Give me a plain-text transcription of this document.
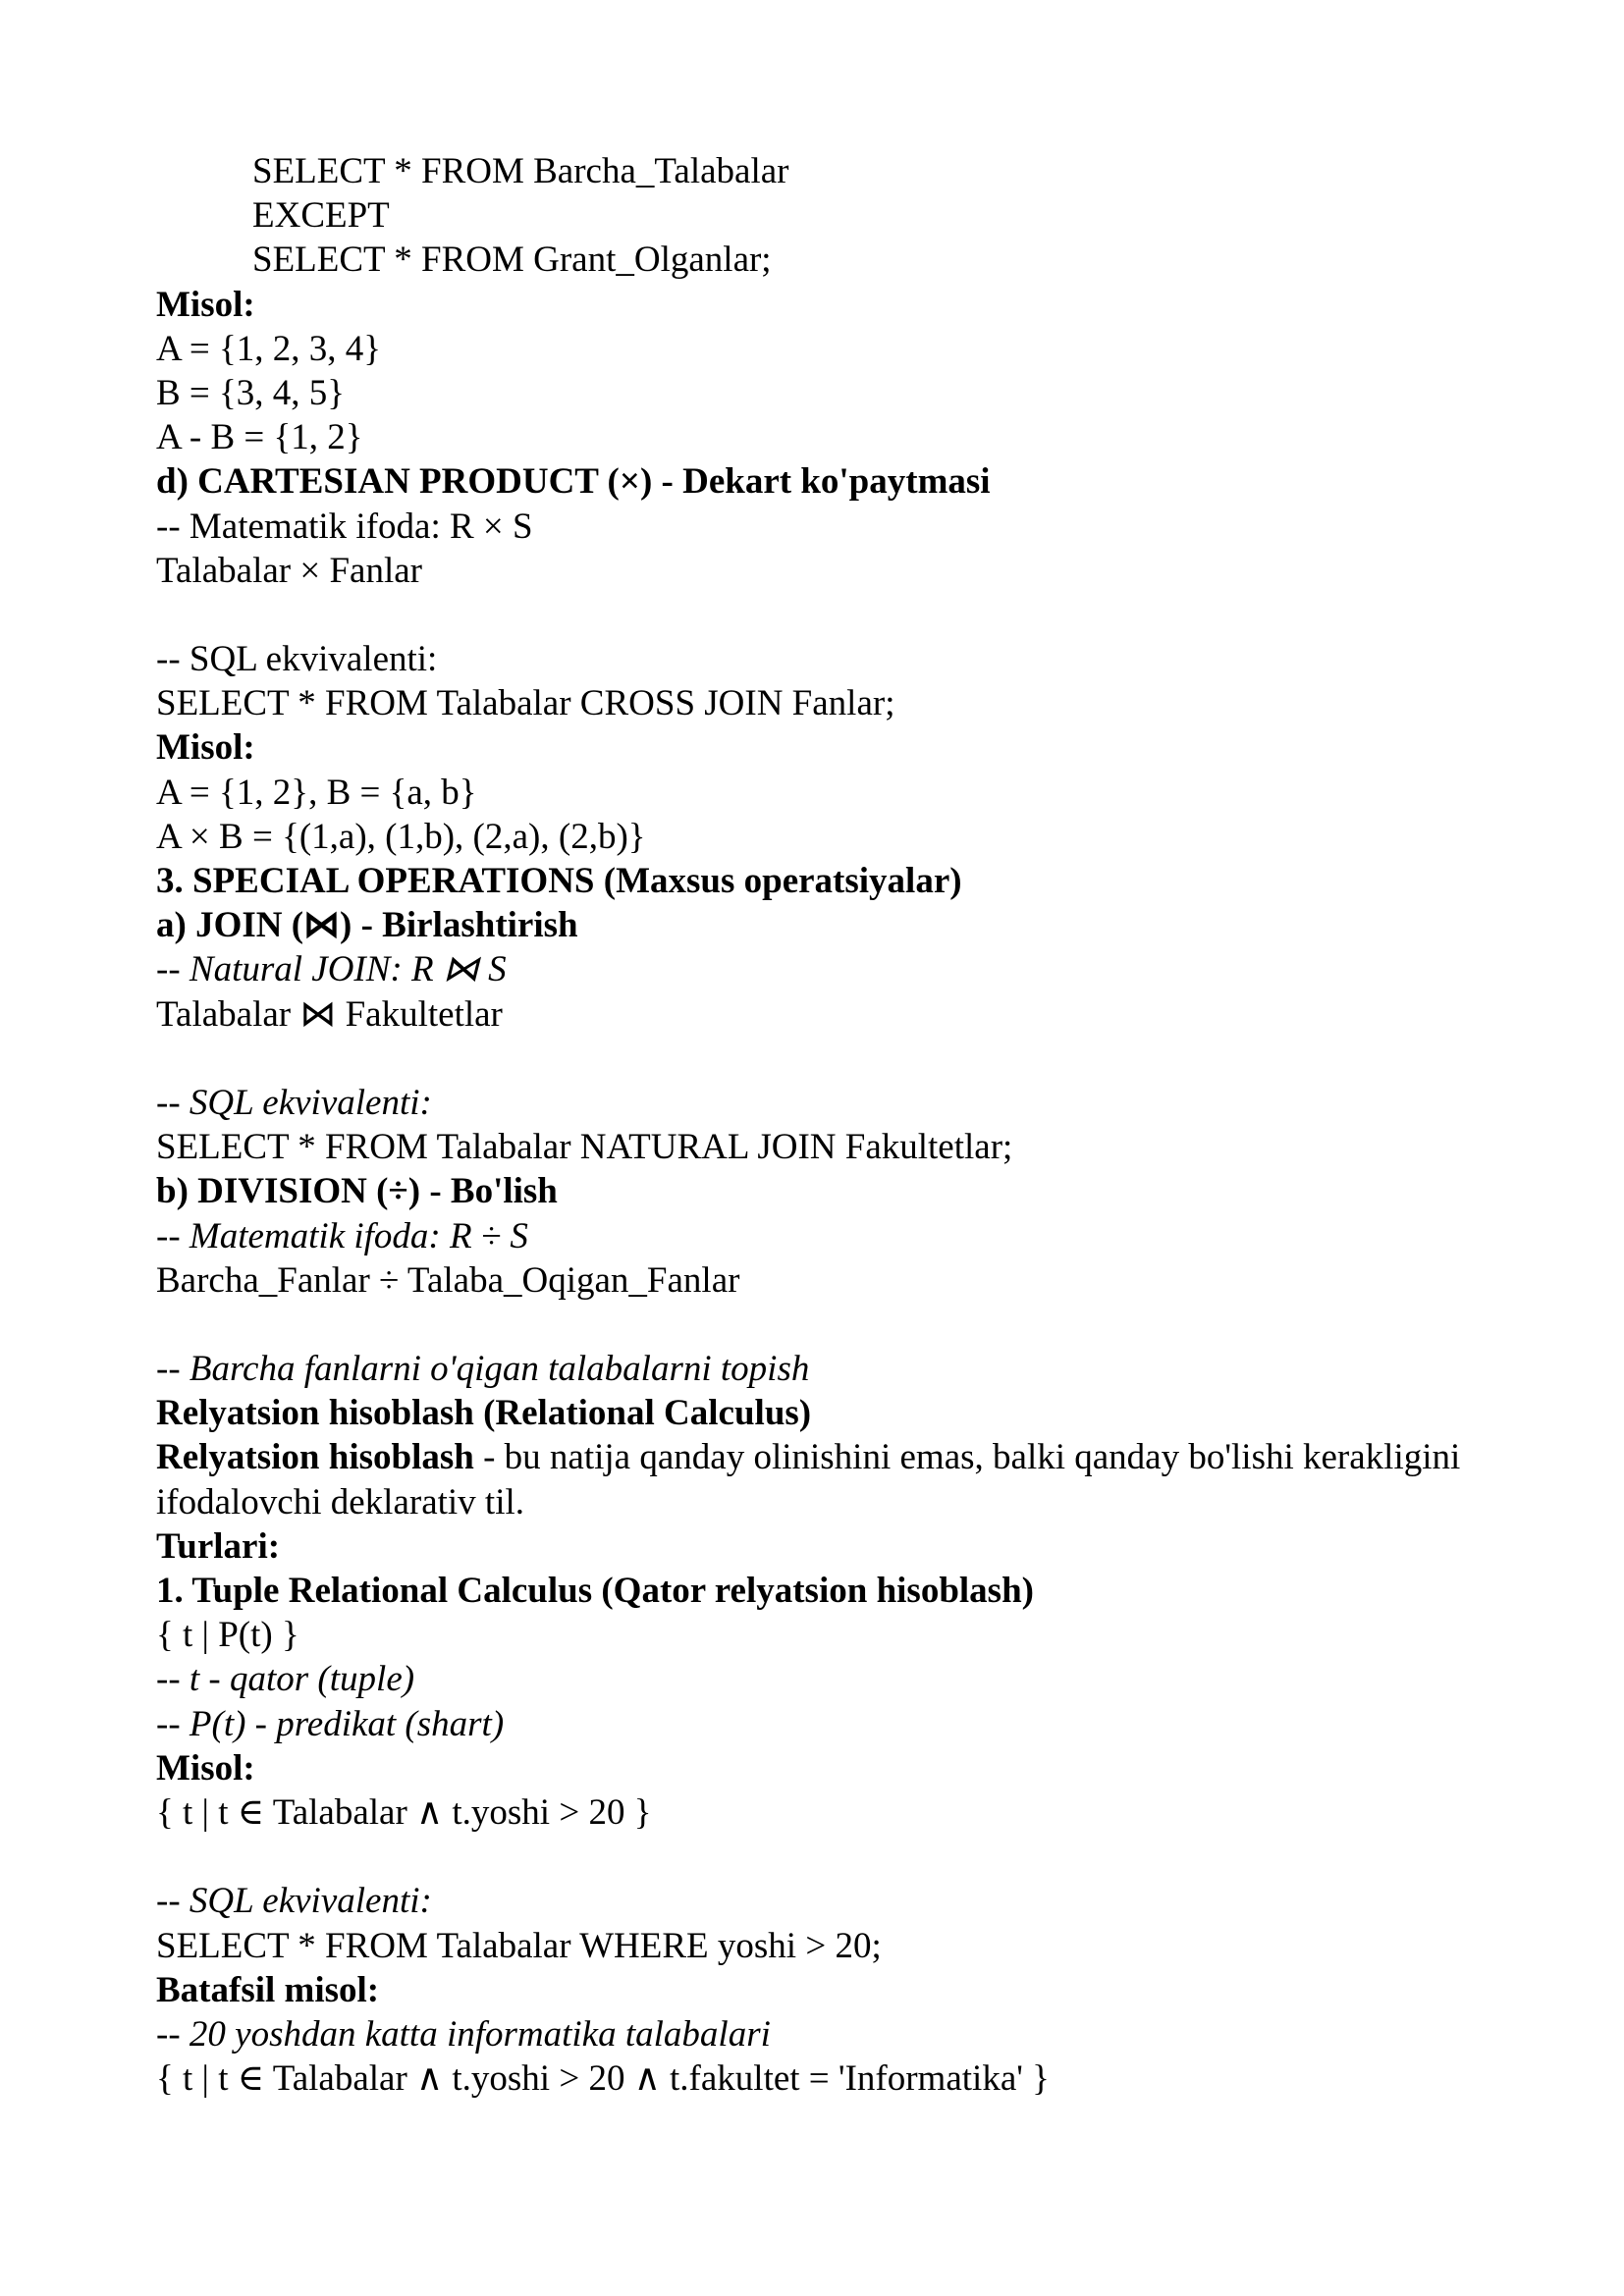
SELECT * FROM Barcha_Talabalar
EXCEPT
SELECT * FROM Grant_Olganlar;
Misol:
A = {1, 2, 3, 4}
B = {3, 4, 5}
A - B = {1, 2}
d) CARTESIAN PRODUCT (×) - Dekart ko'paytmasi
-- Matematik ifoda: R × S
Talabalar × Fanlar
-- SQL ekvivalenti:
SELECT * FROM Talabalar CROSS JOIN Fanlar;
Misol:
A = {1, 2}, B = {a, b}
A × B = {(1,a), (1,b), (2,a), (2,b)}
3. SPECIAL OPERATIONS (Maxsus operatsiyalar)
a) JOIN (⋈) - Birlashtirish
-- Natural JOIN: R ⋈ S
Talabalar ⋈ Fakultetlar
-- SQL ekvivalenti:
SELECT * FROM Talabalar NATURAL JOIN Fakultetlar;
b) DIVISION (÷) - Bo'lish
-- Matematik ifoda: R ÷ S
Barcha_Fanlar ÷ Talaba_Oqigan_Fanlar
-- Barcha fanlarni o'qigan talabalarni topish
Relyatsion hisoblash (Relational Calculus)
Relyatsion hisoblash - bu natija qanday olinishini emas, balki qanday bo'lishi kerakligini ifodalovchi deklarativ til.
Turlari:
1. Tuple Relational Calculus (Qator relyatsion hisoblash)
{ t | P(t) }
-- t - qator (tuple)
-- P(t) - predikat (shart)
Misol:
{ t | t ∈ Talabalar ∧ t.yoshi > 20 }
-- SQL ekvivalenti:
SELECT * FROM Talabalar WHERE yoshi > 20;
Batafsil misol:
-- 20 yoshdan katta informatika talabalari
{ t | t ∈ Talabalar ∧ t.yoshi > 20 ∧ t.fakultet = 'Informatika' }
